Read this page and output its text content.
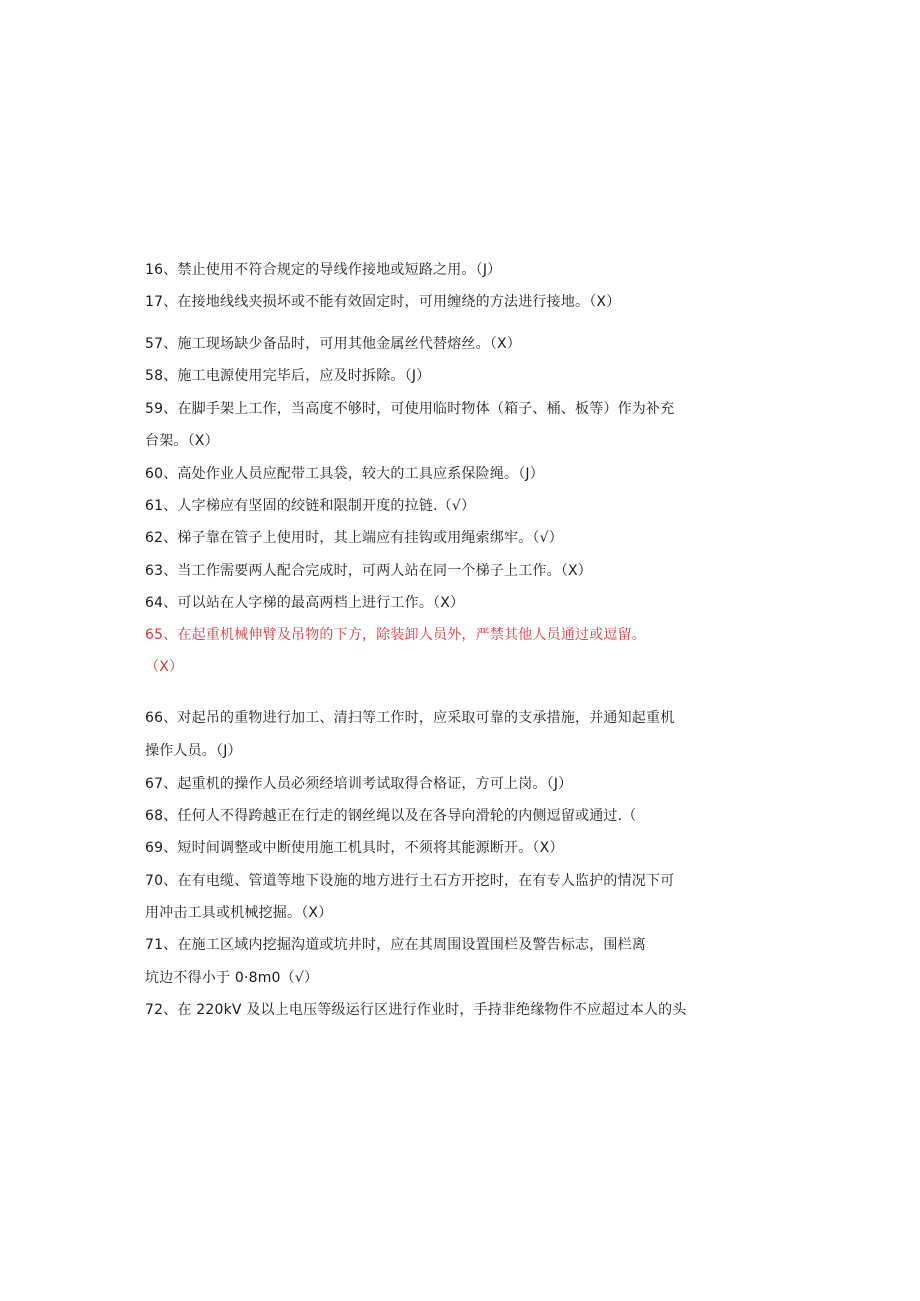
16、禁止使用不符合规定的导线作接地或短路之用。（J）
17、在接地线线夹损坏或不能有效固定时，可用缠绕的方法进行接地。（X）
57、施工现场缺少备品时，可用其他金属丝代替熔丝。（X）
58、施工电源使用完毕后，应及时拆除。（J）
59、在脚手架上工作，当高度不够时，可使用临时物体（箱子、桶、板等）作为补充
台架。（X）
60、高处作业人员应配带工具袋，较大的工具应系保险绳。（J）
61、人字梯应有坚固的绞链和限制开度的拉链.（√）
62、梯子靠在管子上使用时，其上端应有挂钩或用绳索绑牢。（√）
63、当工作需要两人配合完成时，可两人站在同一个梯子上工作。（X）
64、可以站在人字梯的最高两档上进行工作。（X）
65、在起重机械伸臂及吊物的下方，除装卸人员外，严禁其他人员通过或逗留。
（X）
66、对起吊的重物进行加工、清扫等工作时，应采取可靠的支承措施，并通知起重机
操作人员。（J）
67、起重机的操作人员必须经培训考试取得合格证，方可上岗。（J）
68、任何人不得跨越正在行走的钢丝绳以及在各导向滑轮的内侧逗留或通过.（
69、短时间调整或中断使用施工机具时，不须将其能源断开。（X）
70、在有电缆、管道等地下设施的地方进行土石方开挖时，在有专人监护的情况下可
用冲击工具或机械挖掘。（X）
71、在施工区域内挖掘沟道或坑井时，应在其周围设置围栏及警告标志，围栏离
坑边不得小于 0·8m0（√）
72、在 220kV 及以上电压等级运行区进行作业时，手持非绝缘物件不应超过本人的头
